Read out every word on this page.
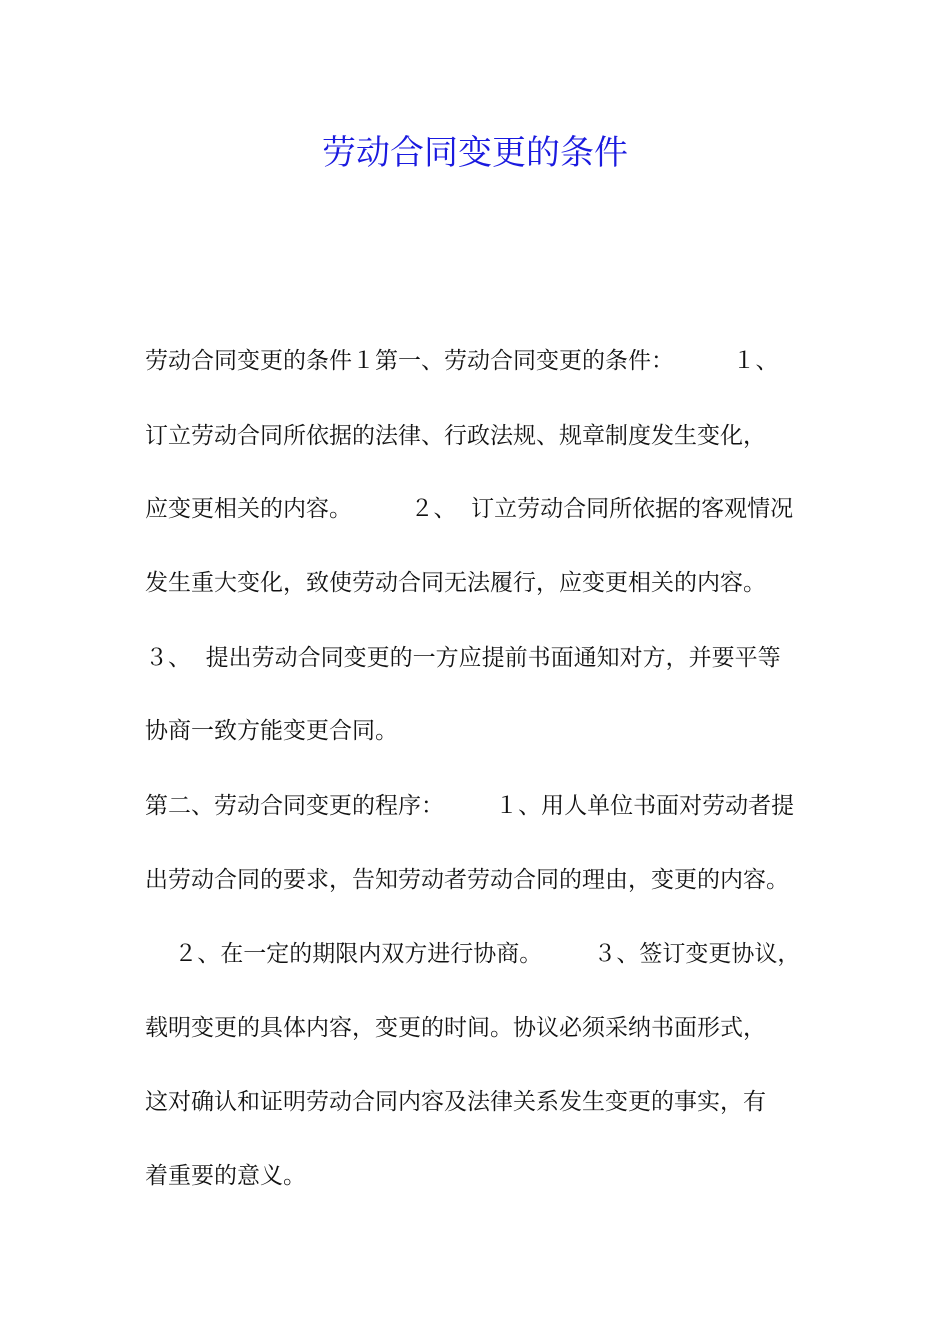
劳动合同变更的条件
劳动合同变更的条件１第一、劳动合同变更的条件：        １、
订立劳动合同所依据的法律、行政法规、规章制度发生变化，
应变更相关的内容。        ２、  订立劳动合同所依据的客观情况
发生重大变化，致使劳动合同无法履行，应变更相关的内容。
３、  提出劳动合同变更的一方应提前书面通知对方，并要平等
协商一致方能变更合同。
第二、劳动合同变更的程序：       １、用人单位书面对劳动者提
出劳动合同的要求，告知劳动者劳动合同的理由，变更的内容。
２、在一定的期限内双方进行协商。       ３、签订变更协议，
载明变更的具体内容，变更的时间。协议必须采纳书面形式，
这对确认和证明劳动合同内容及法律关系发生变更的事实，有
着重要的意义。
